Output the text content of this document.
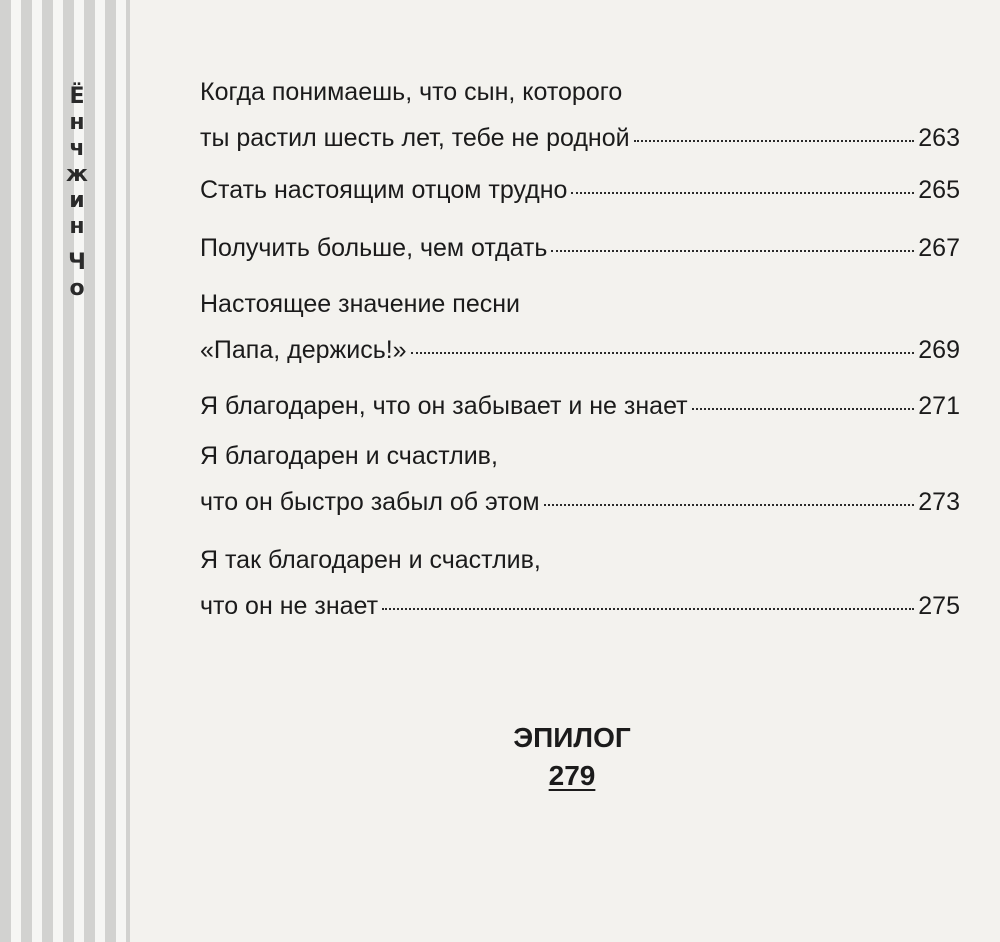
Ё
н
ч
ж
и
н
Ч
о
Когда понимаешь, что сын, которого
ты растил шесть лет, тебе не родной	263
Стать настоящим отцом трудно	265
Получить больше, чем отдать	267
Настоящее значение песни
«Папа, держись!»	269
Я благодарен, что он забывает и не знает	271
Я благодарен и счастлив,
что он быстро забыл об этом	273
Я так благодарен и счастлив,
что он не знает	275
ЭПИЛОГ
279
